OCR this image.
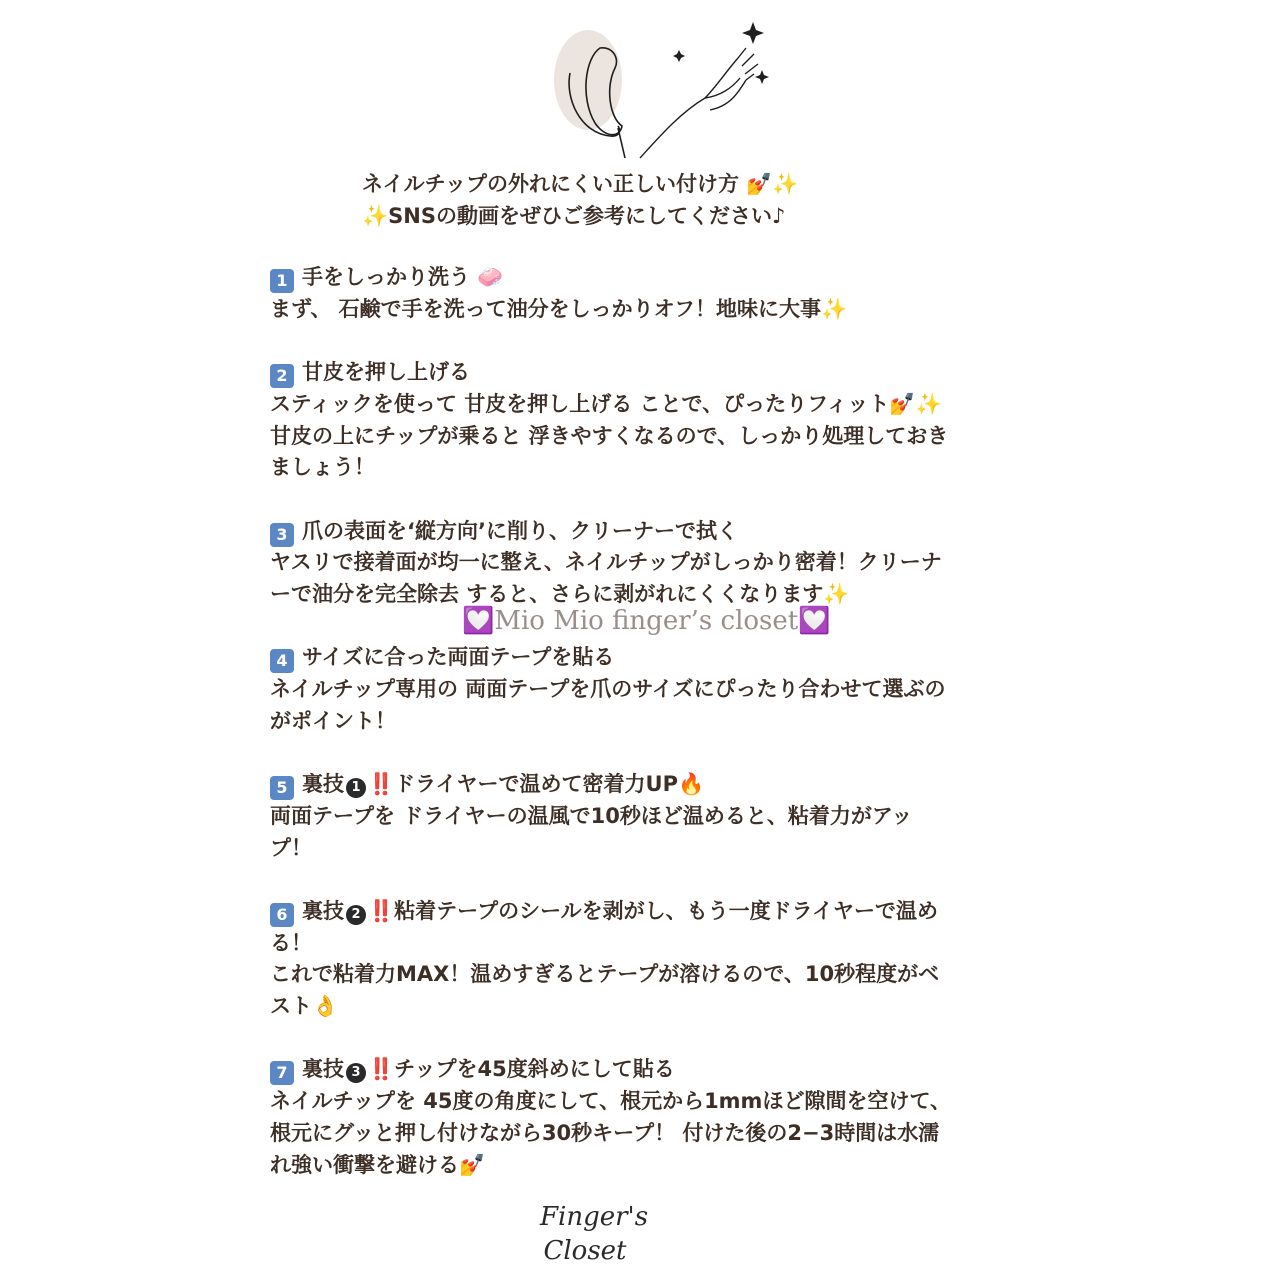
ネイルチップの外れにくい正しい付け方 💅✨
✨SNSの動画をぜひご参考にしてください♪
1 手をしっかり洗う 🧼
まず、 石鹸で手を洗って油分をしっかりオフ！地味に大事✨
2 甘皮を押し上げる
スティックを使って 甘皮を押し上げる ことで、ぴったりフィット💅✨
甘皮の上にチップが乗ると 浮きやすくなるので、しっかり処理しておき
ましょう！
3 爪の表面を‘縦方向’に削り、クリーナーで拭く
ヤスリで接着面が均一に整え、ネイルチップがしっかり密着！クリーナ
ーで油分を完全除去 すると、さらに剥がれにくくなります✨
4 サイズに合った両面テープを貼る
ネイルチップ専用の 両面テープを爪のサイズにぴったり合わせて選ぶの
がポイント！
5 裏技 1 ‼️ドライヤーで温めて密着力UP🔥
両面テープを ドライヤーの温風で10秒ほど温めると、粘着力がアッ
プ！
6 裏技 2 ‼️粘着テープのシールを剥がし、もう一度ドライヤーで温め
る！
これで粘着力MAX！温めすぎるとテープが溶けるので、10秒程度がベ
スト👌
7 裏技 3 ‼️チップを45度斜めにして貼る
ネイルチップを 45度の角度にして、根元から1mmほど隙間を空けて、
根元にグッと押し付けながら30秒キープ！ 付けた後の2−3時間は水濡
れ強い衝撃を避ける💅
💟Mio Mio finger’s closet💟
Finger's
Closet
